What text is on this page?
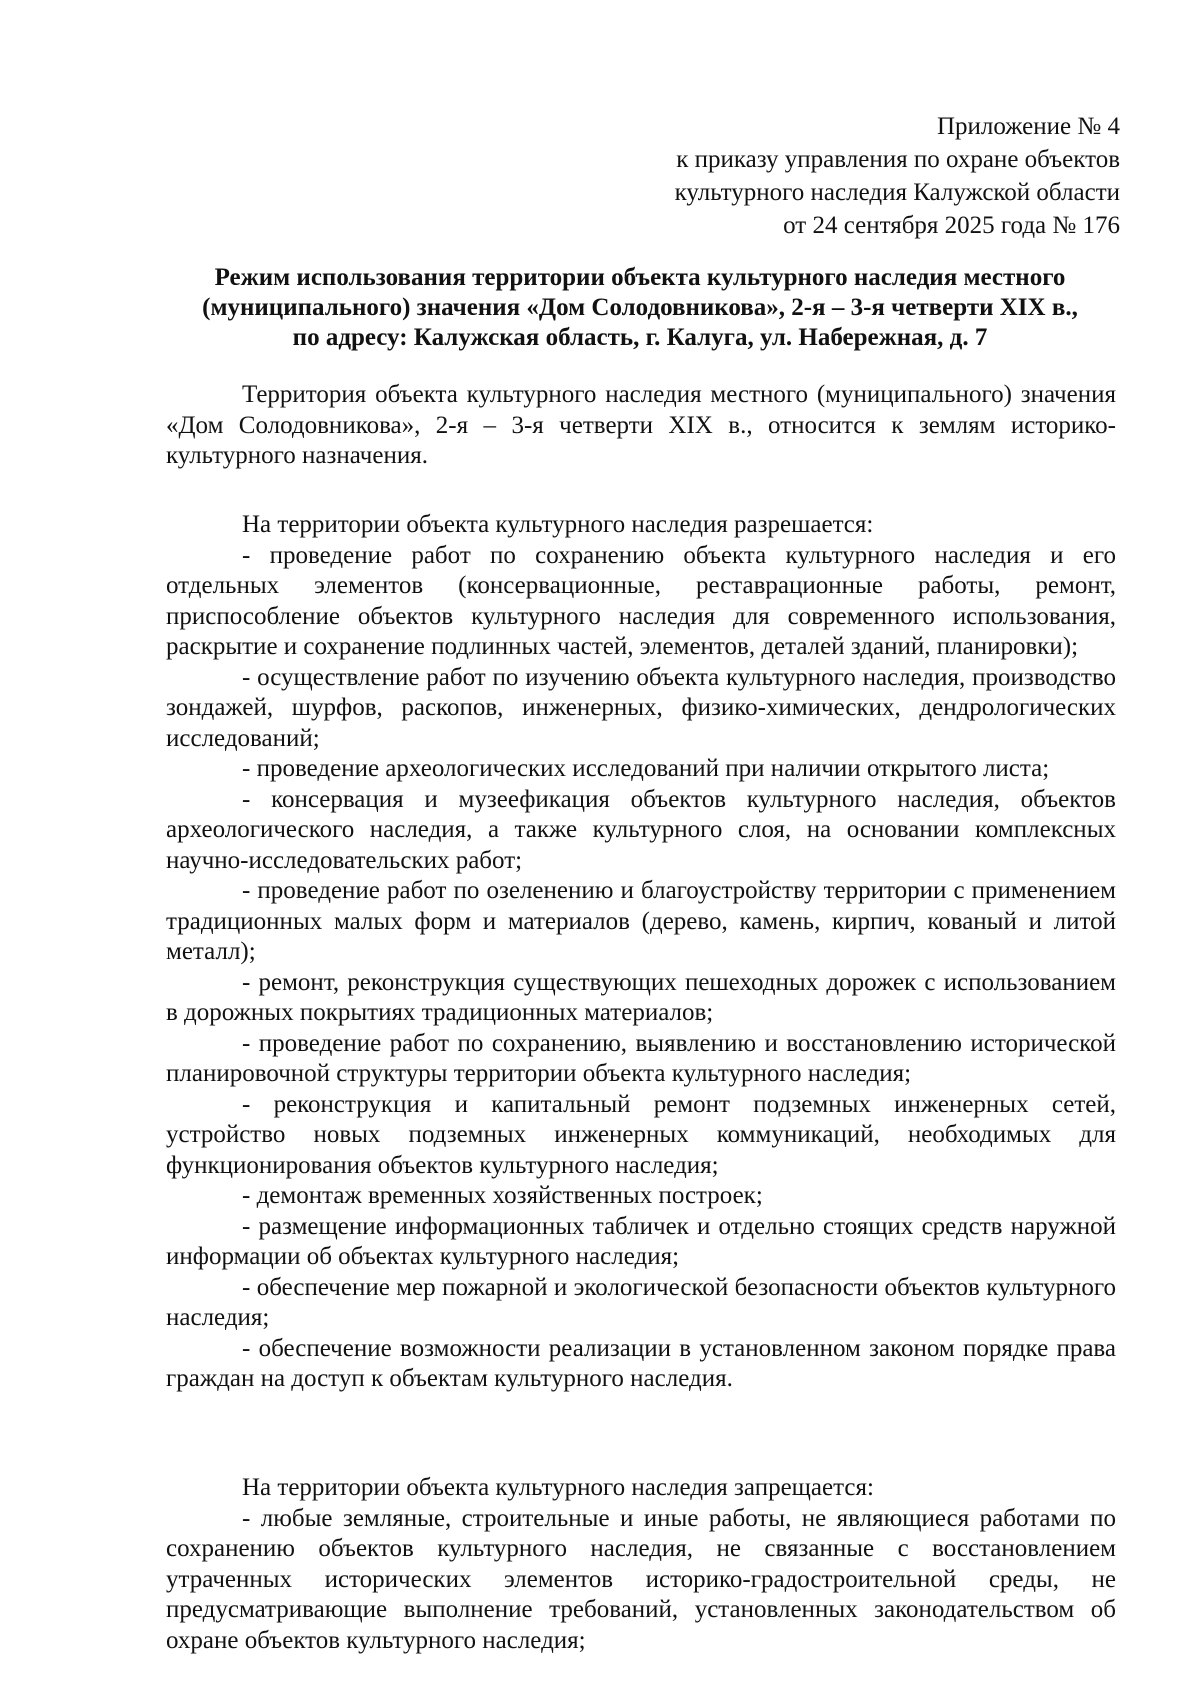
Приложение № 4
к приказу управления по охране объектов
культурного наследия Калужской области
от 24 сентября 2025 года № 176
Режим использования территории объекта культурного наследия местного
(муниципального) значения «Дом Солодовникова», 2-я – 3-я четверти XIX в.,
по адресу: Калужская область, г. Калуга, ул. Набережная, д. 7

Территория объекта культурного наследия местного (муниципального) значения «Дом Солодовникова», 2-я – 3-я четверти XIX в., относится к землям историко-культурного назначения.

На территории объекта культурного наследия разрешается:

- проведение работ по сохранению объекта культурного наследия и его отдельных элементов (консервационные, реставрационные работы, ремонт, приспособление объектов культурного наследия для современного использования, раскрытие и сохранение подлинных частей, элементов, деталей зданий, планировки);

- осуществление работ по изучению объекта культурного наследия, производство зондажей, шурфов, раскопов, инженерных, физико-химических, дендрологических исследований;

- проведение археологических исследований при наличии открытого листа;

- консервация и музеефикация объектов культурного наследия, объектов археологического наследия, а также культурного слоя, на основании комплексных научно-исследовательских работ;

- проведение работ по озеленению и благоустройству территории с применением традиционных малых форм и материалов (дерево, камень, кирпич, кованый и литой металл);

- ремонт, реконструкция существующих пешеходных дорожек с использованием в дорожных покрытиях традиционных материалов;

- проведение работ по сохранению, выявлению и восстановлению исторической планировочной структуры территории объекта культурного наследия;

- реконструкция и капитальный ремонт подземных инженерных сетей, устройство новых подземных инженерных коммуникаций, необходимых для функционирования объектов культурного наследия;

- демонтаж временных хозяйственных построек;

- размещение информационных табличек и отдельно стоящих средств наружной информации об объектах культурного наследия;

- обеспечение мер пожарной и экологической безопасности объектов культурного наследия;

- обеспечение возможности реализации в установленном законом порядке права граждан на доступ к объектам культурного наследия.

На территории объекта культурного наследия запрещается:

- любые земляные, строительные и иные работы, не являющиеся работами по сохранению объектов культурного наследия, не связанные с восстановлением утраченных исторических элементов историко-градостроительной среды, не предусматривающие выполнение требований, установленных законодательством об охране объектов культурного наследия;
